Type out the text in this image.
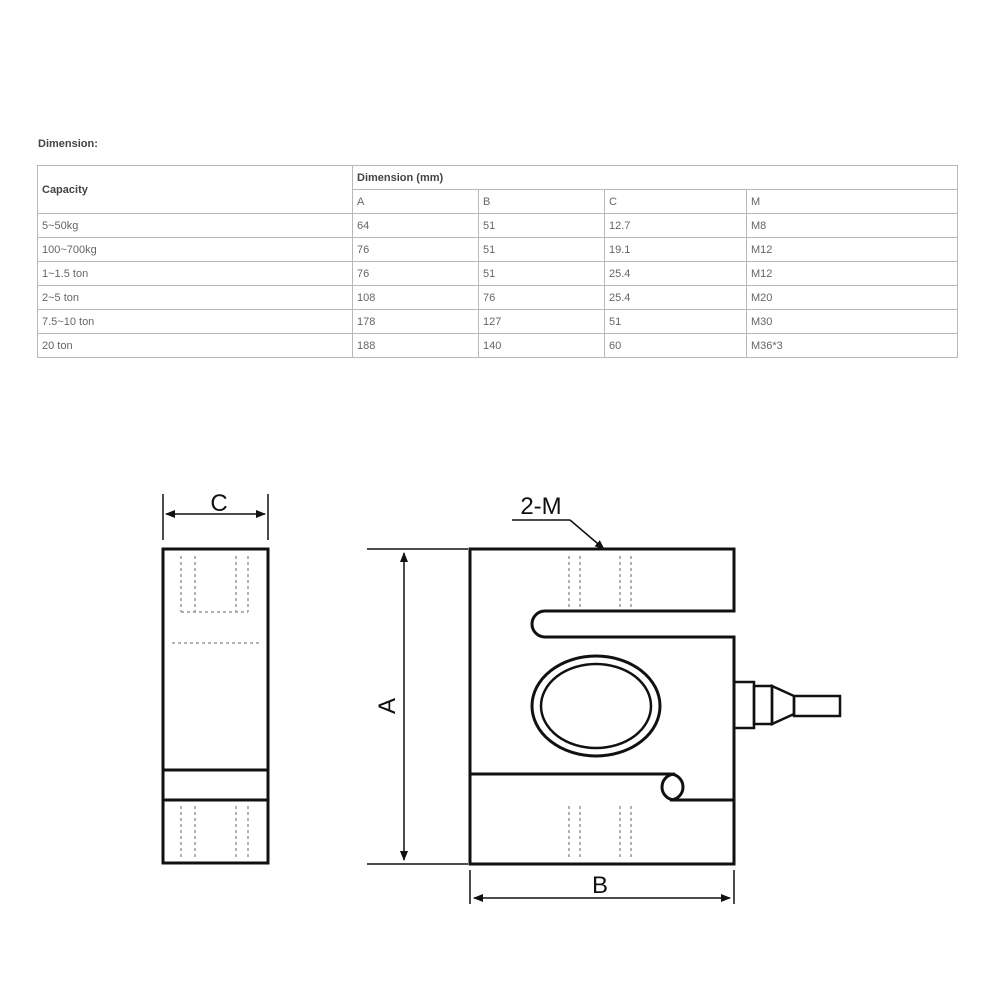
Dimension:
Capacity	Dimension (mm)			
	A	B	C	M
5~50kg	64	51	12.7	M8
100~700kg	76	51	19.1	M12
1~1.5 ton	76	51	25.4	M12
2~5 ton	108	76	25.4	M20
7.5~10 ton	178	127	51	M30
20 ton	188	140	60	M36*3
C
A
B
2-M
